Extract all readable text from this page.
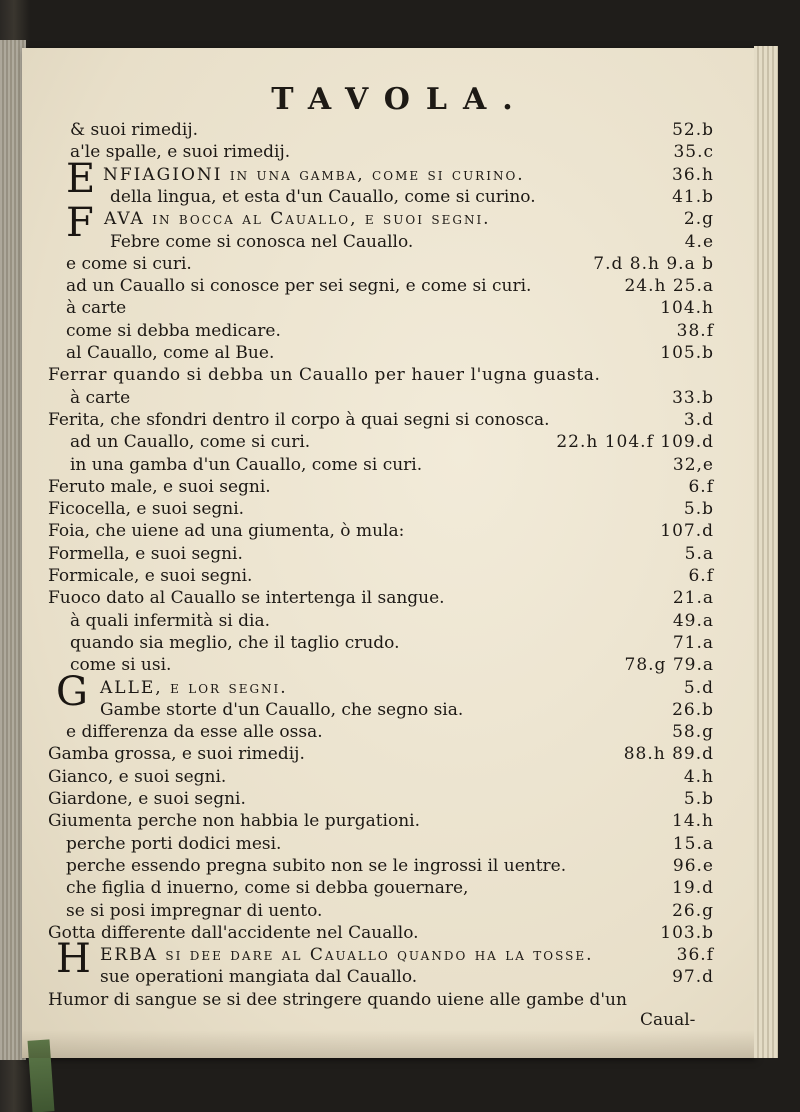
TAVOLA.
& suoi rimedij.	52.b
a'le spalle, e suoi rimedij.	35.c
E NFIAGIONI in una gamba, come si curino.	36.h
della lingua, et esta d'un Cauallo, come si curino.	41.b
F AVA in bocca al Cauallo, e suoi segni.	2.g
Febre come si conosca nel Cauallo.	4.e
e come si curi.	7.d 8.h 9.a b
ad un Cauallo si conosce per sei segni, e come si curi.	24.h 25.a
à carte	104.h
come si debba medicare.	38.f
al Cauallo, come al Bue.	105.b
Ferrar quando si debba un Cauallo per hauer l'ugna guasta.
à carte	33.b
Ferita, che sfondri dentro il corpo à quai segni si conosca.	3.d
ad un Cauallo, come si curi.	22.h 104.f 109.d
in una gamba d'un Cauallo, come si curi.	32,e
Feruto male, e suoi segni.	6.f
Ficocella, e suoi segni.	5.b
Foia, che uiene ad una giumenta, ò mula:	107.d
Formella, e suoi segni.	5.a
Formicale, e suoi segni.	6.f
Fuoco dato al Cauallo se intertenga il sangue.	21.a
à quali infermità si dia.	49.a
quando sia meglio, che il taglio crudo.	71.a
come si usi.	78.g 79.a
G ALLE, e lor segni.	5.d
Gambe storte d'un Cauallo, che segno sia.	26.b
e differenza da esse alle ossa.	58.g
Gamba grossa, e suoi rimedij.	88.h 89.d
Gianco, e suoi segni.	4.h
Giardone, e suoi segni.	5.b
Giumenta perche non habbia le purgationi.	14.h
perche porti dodici mesi.	15.a
perche essendo pregna subito non se le ingrossi il uentre.	96.e
che figlia d inuerno, come si debba gouernare,	19.d
se si posi impregnar di uento.	26.g
Gotta differente dall'accidente nel Cauallo.	103.b
Caual-
H ERBA si dee dare al Cauallo quando ha la tosse.	36.f
sue operationi mangiata dal Cauallo.	97.d
Humor di sangue se si dee stringere quando uiene alle gambe d'un
